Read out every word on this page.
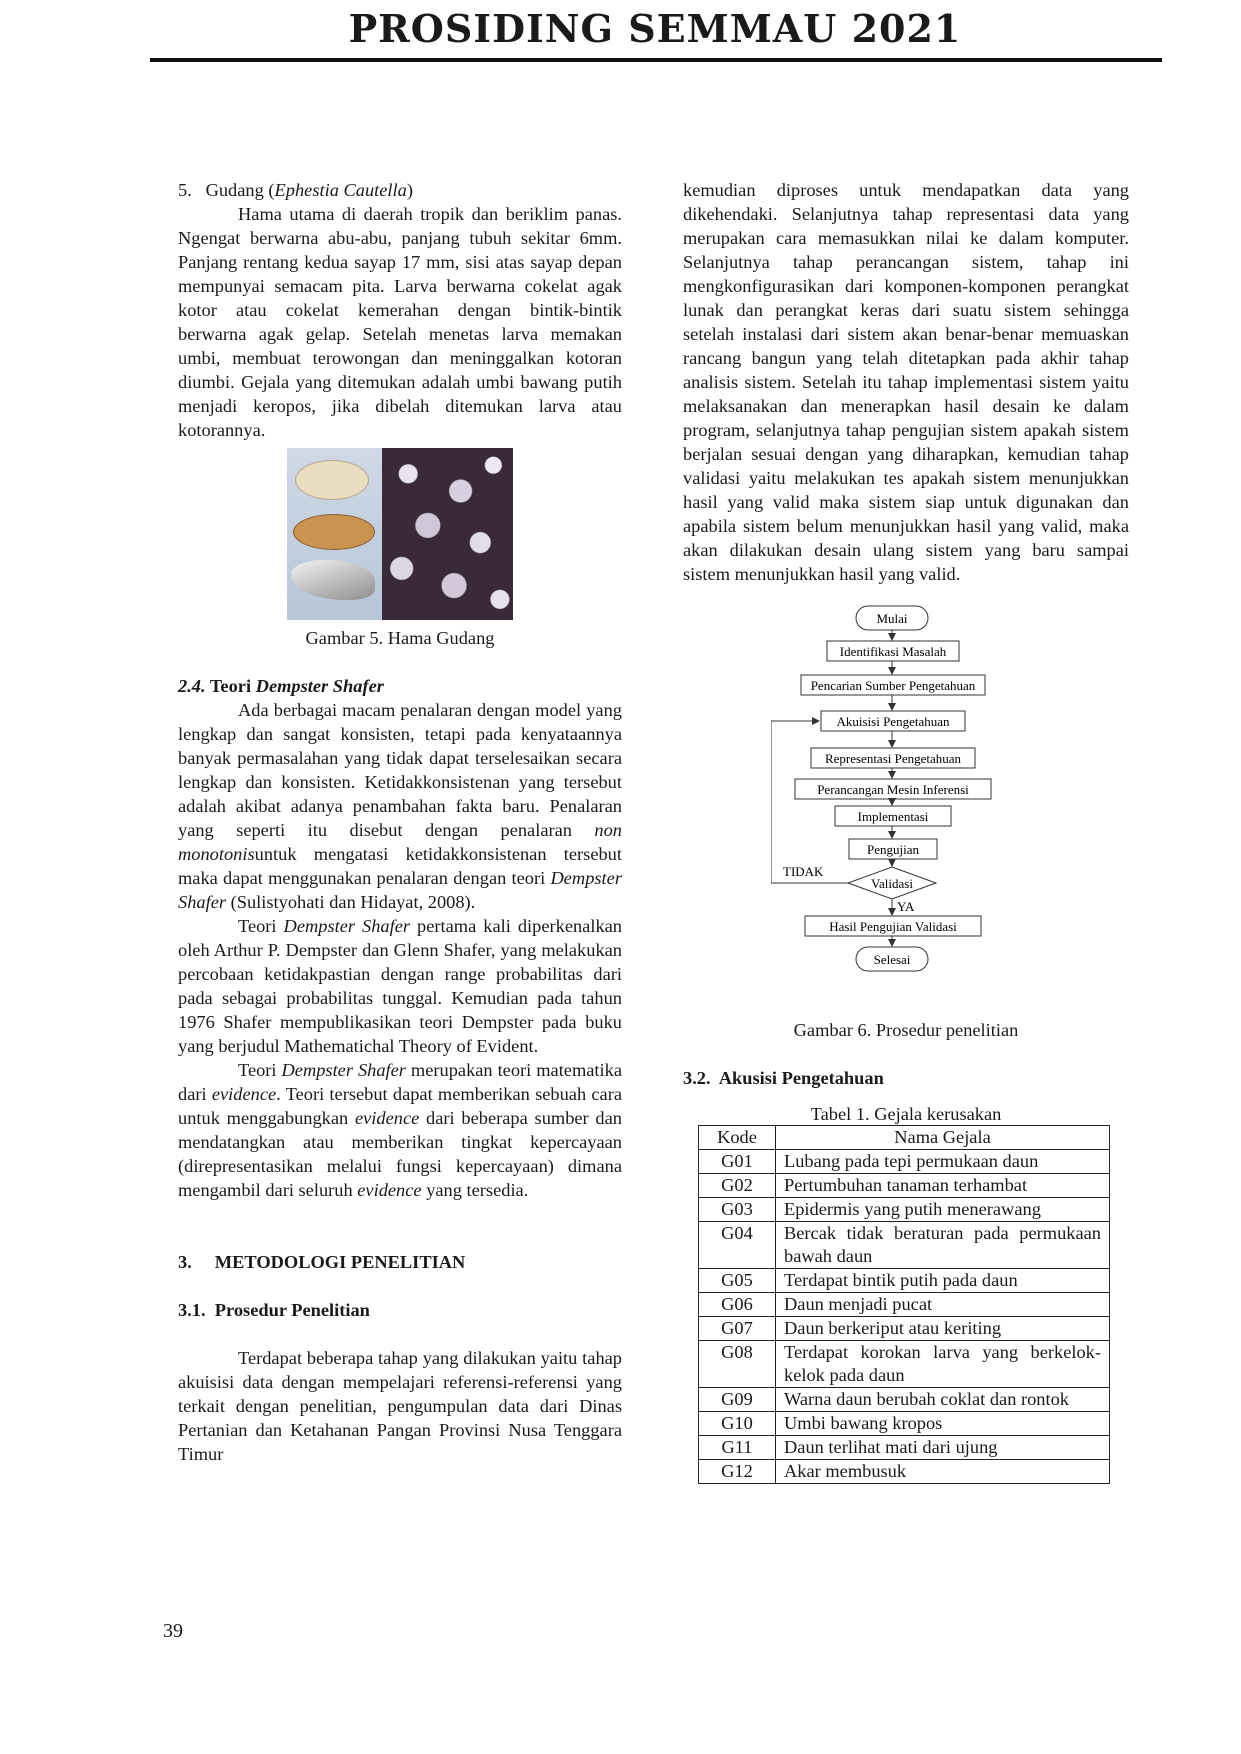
PROSIDING SEMMAU 2021

5.   Gudang (Ephestia Cautella)

Hama utama di daerah tropik dan beriklim panas. Ngengat berwarna abu-abu, panjang tubuh sekitar 6mm. Panjang rentang kedua sayap 17 mm, sisi atas sayap depan mempunyai semacam pita. Larva berwarna cokelat agak kotor atau cokelat kemerahan dengan bintik-bintik berwarna agak gelap. Setelah menetas larva memakan umbi, membuat terowongan dan meninggalkan kotoran diumbi. Gejala yang ditemukan adalah umbi bawang putih menjadi keropos, jika dibelah ditemukan larva atau kotorannya.

Gambar 5. Hama Gudang

2.4. Teori Dempster Shafer

Ada berbagai macam penalaran dengan model yang lengkap dan sangat konsisten, tetapi pada kenyataannya banyak permasalahan yang tidak dapat terselesaikan secara lengkap dan konsisten. Ketidakkonsistenan yang tersebut adalah akibat adanya penambahan fakta baru. Penalaran yang seperti itu disebut dengan penalaran non monotonisuntuk mengatasi ketidakkonsistenan tersebut maka dapat menggunakan penalaran dengan teori Dempster Shafer (Sulistyohati dan Hidayat, 2008).

Teori Dempster Shafer pertama kali diperkenalkan oleh Arthur P. Dempster dan Glenn Shafer, yang melakukan percobaan ketidakpastian dengan range probabilitas dari pada sebagai probabilitas tunggal. Kemudian pada tahun 1976 Shafer mempublikasikan teori Dempster pada buku yang berjudul Mathematichal Theory of Evident.

Teori Dempster Shafer merupakan teori matematika dari evidence. Teori tersebut dapat memberikan sebuah cara untuk menggabungkan evidence dari beberapa sumber dan mendatangkan atau memberikan tingkat kepercayaan (direpresentasikan melalui fungsi kepercayaan) dimana mengambil dari seluruh evidence yang tersedia.

3.     METODOLOGI PENELITIAN

3.1.  Prosedur Penelitian

Terdapat beberapa tahap yang dilakukan yaitu tahap akuisisi data dengan mempelajari referensi-referensi yang terkait dengan penelitian, pengumpulan data dari Dinas Pertanian dan Ketahanan Pangan Provinsi Nusa Tenggara Timur

kemudian diproses untuk mendapatkan data yang dikehendaki. Selanjutnya tahap representasi data yang merupakan cara memasukkan nilai ke dalam komputer. Selanjutnya tahap perancangan sistem, tahap ini mengkonfigurasikan dari komponen-komponen perangkat lunak dan perangkat keras dari suatu sistem sehingga setelah instalasi dari sistem akan benar-benar memuaskan rancang bangun yang telah ditetapkan pada akhir tahap analisis sistem. Setelah itu tahap implementasi sistem yaitu melaksanakan dan menerapkan hasil desain ke dalam program, selanjutnya tahap pengujian sistem apakah sistem berjalan sesuai dengan yang diharapkan, kemudian tahap validasi yaitu melakukan tes apakah sistem menunjukkan hasil yang valid maka sistem siap untuk digunakan dan apabila sistem belum menunjukkan hasil yang valid, maka akan dilakukan desain ulang sistem yang baru sampai sistem menunjukkan hasil yang valid.

Mulai
Identifikasi Masalah
Pencarian Sumber Pengetahuan
Akuisisi Pengetahuan
Representasi Pengetahuan
Perancangan Mesin Inferensi
Implementasi
Pengujian
Validasi
TIDAK
YA
Hasil Pengujian Validasi
Selesai

Gambar 6. Prosedur penelitian

3.2.  Akusisi Pengetahuan

Tabel 1. Gejala kerusakan

Kode	Nama Gejala
G01	Lubang pada tepi permukaan daun
G02	Pertumbuhan tanaman terhambat
G03	Epidermis yang putih menerawang
G04	Bercak tidak beraturan pada permukaan bawah daun
G05	Terdapat bintik putih pada daun
G06	Daun menjadi pucat
G07	Daun berkeriput atau keriting
G08	Terdapat korokan larva yang berkelok-kelok pada daun
G09	Warna daun berubah coklat dan rontok
G10	Umbi bawang kropos
G11	Daun terlihat mati dari ujung
G12	Akar membusuk
39
